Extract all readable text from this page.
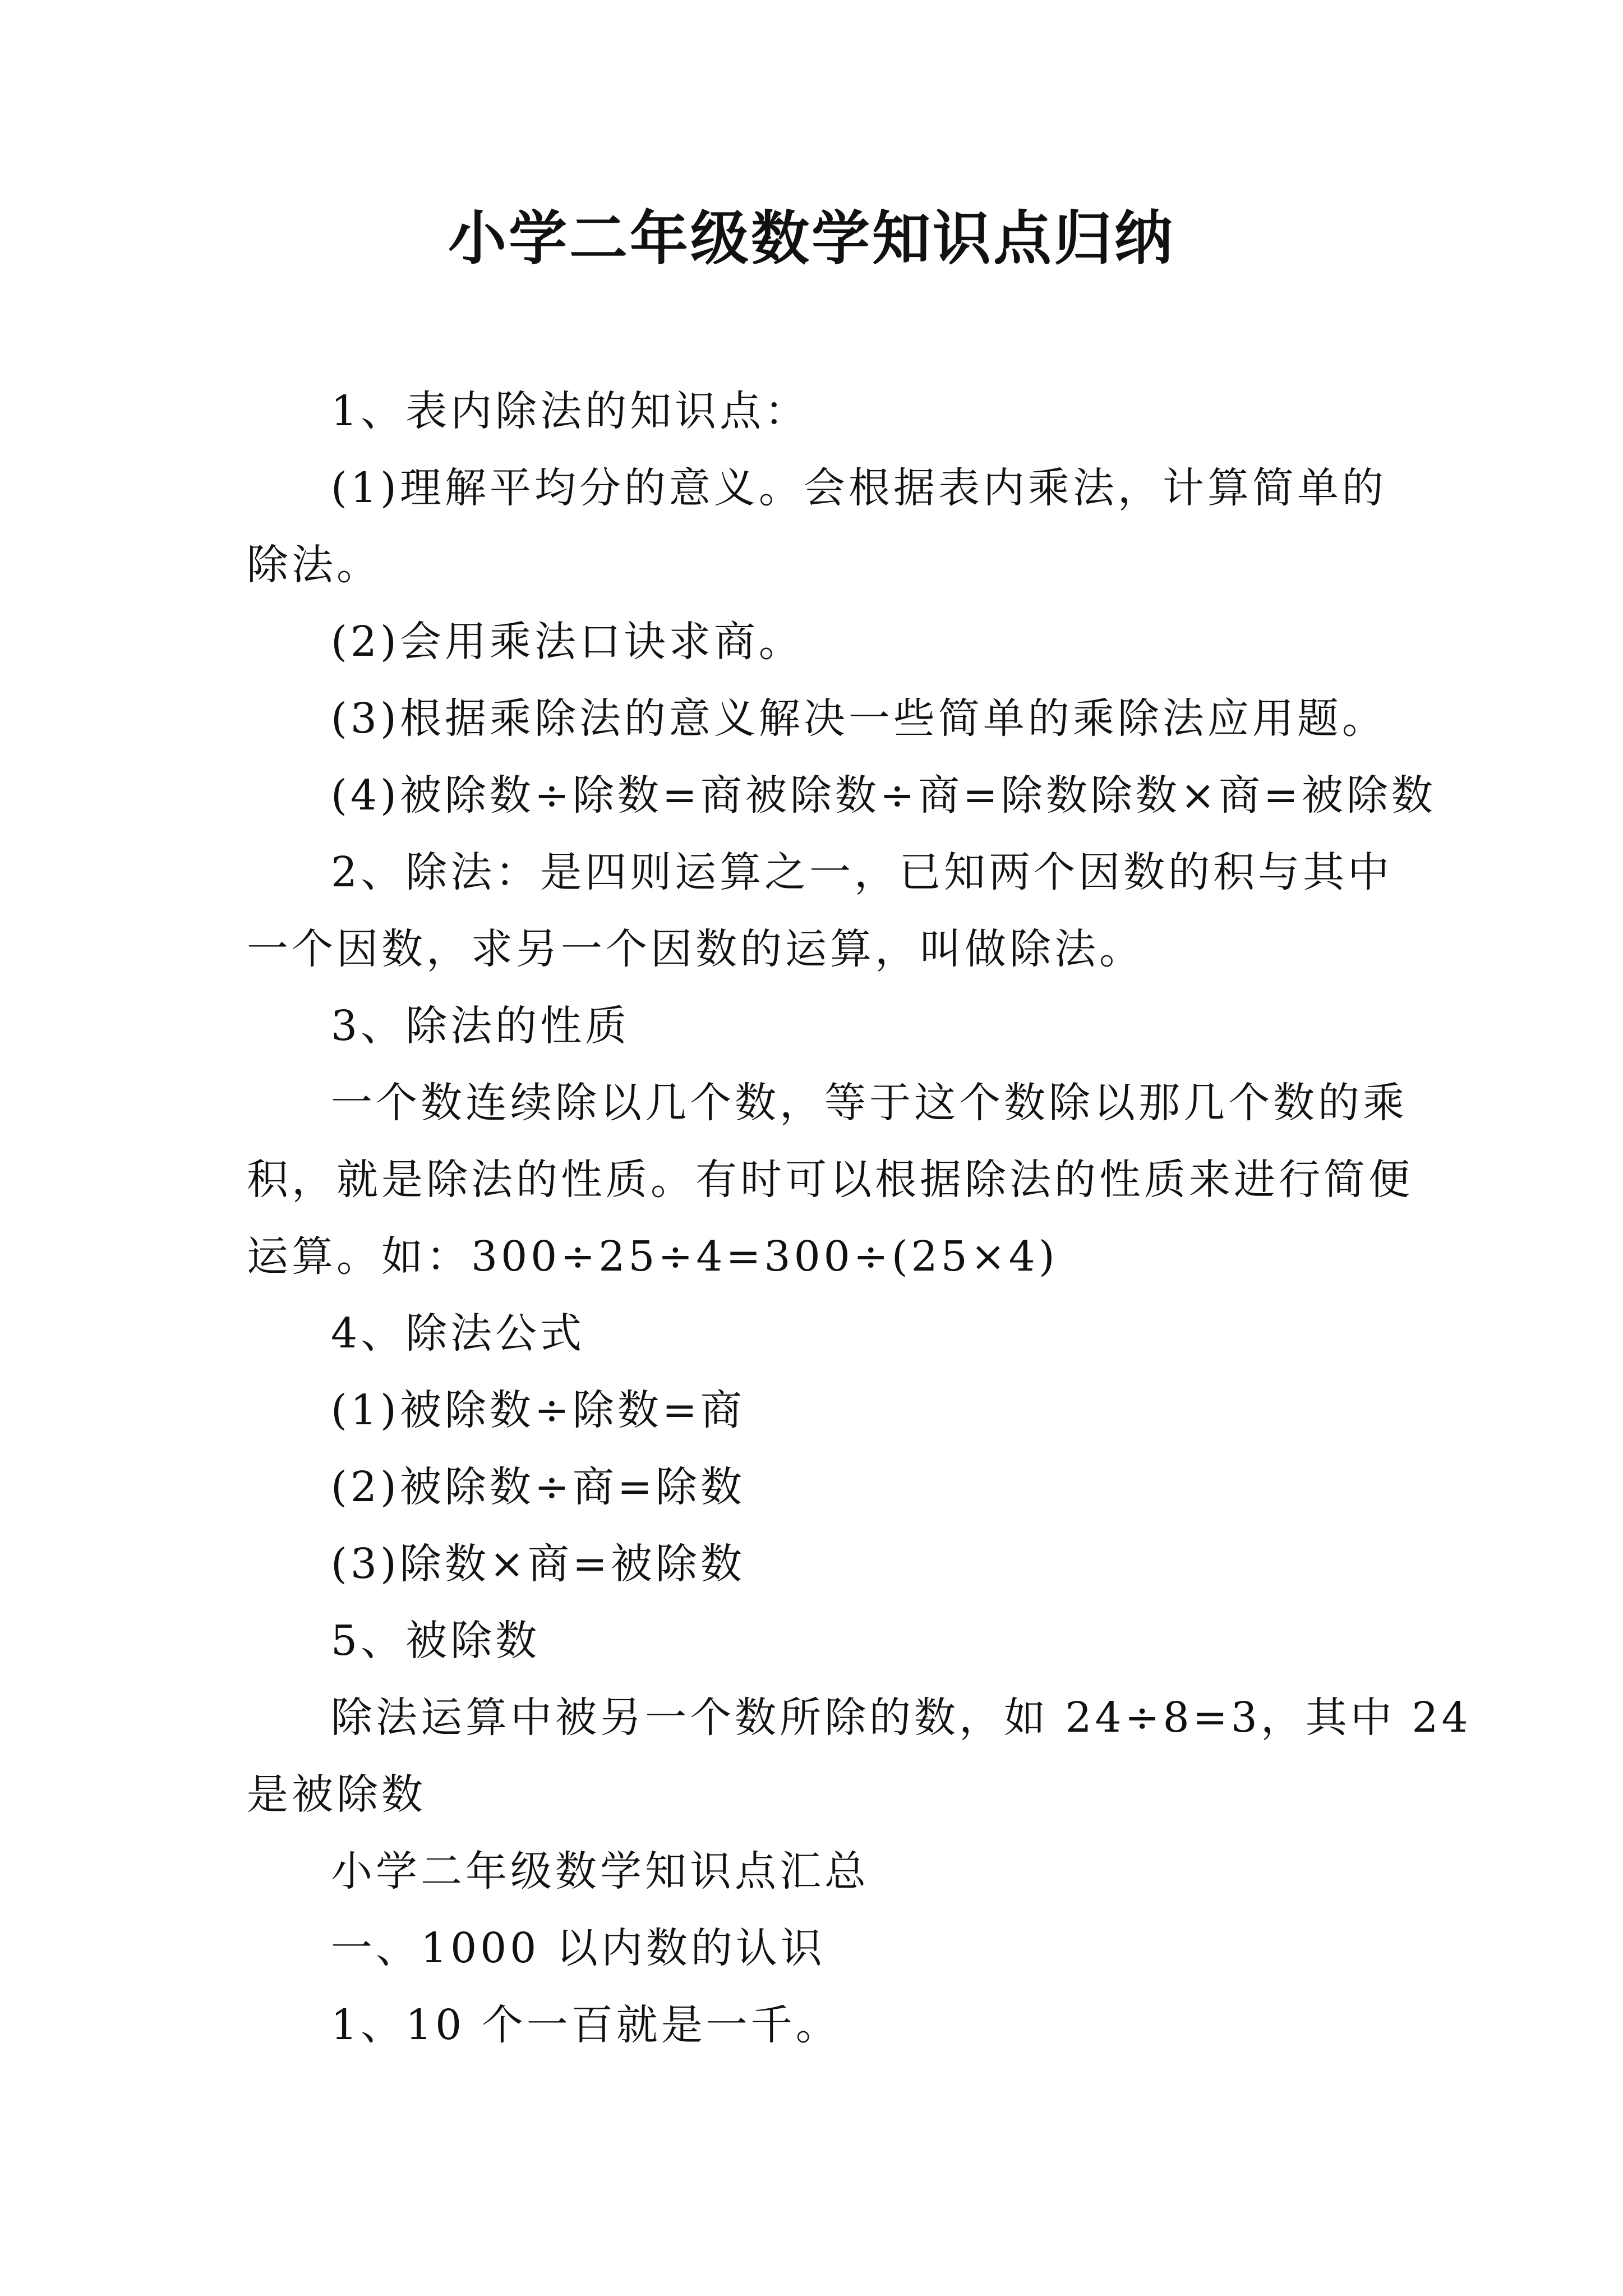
小学二年级数学知识点归纳

1、表内除法的知识点：

(1)理解平均分的意义。会根据表内乘法，计算简单的

除法。

(2)会用乘法口诀求商。

(3)根据乘除法的意义解决一些简单的乘除法应用题。

(4)被除数÷除数=商被除数÷商=除数除数×商=被除数

2、除法：是四则运算之一，已知两个因数的积与其中

一个因数，求另一个因数的运算，叫做除法。

3、除法的性质

一个数连续除以几个数，等于这个数除以那几个数的乘

积，就是除法的性质。有时可以根据除法的性质来进行简便

运算。如：300÷25÷4=300÷(25×4)

4、除法公式

(1)被除数÷除数=商

(2)被除数÷商=除数

(3)除数×商=被除数

5、被除数

除法运算中被另一个数所除的数，如 24÷8=3，其中 24

是被除数

小学二年级数学知识点汇总

一、1000 以内数的认识

1、10 个一百就是一千。
